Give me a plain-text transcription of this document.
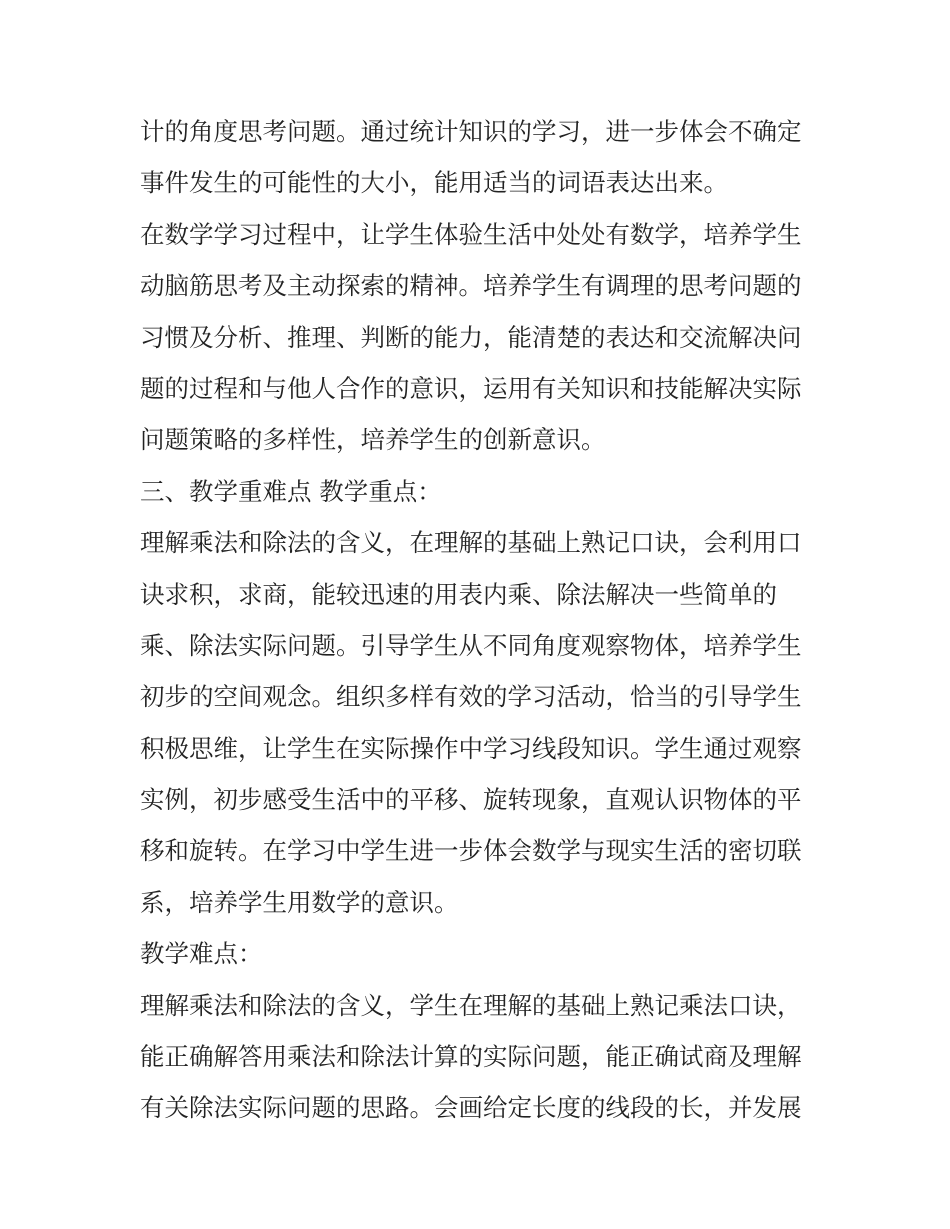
计的角度思考问题。通过统计知识的学习，进一步体会不确定
事件发生的可能性的大小，能用适当的词语表达出来。
在数学学习过程中，让学生体验生活中处处有数学，培养学生
动脑筋思考及主动探索的精神。培养学生有调理的思考问题的
习惯及分析、推理、判断的能力，能清楚的表达和交流解决问
题的过程和与他人合作的意识，运用有关知识和技能解决实际
问题策略的多样性，培养学生的创新意识。
三、教学重难点 教学重点：
理解乘法和除法的含义，在理解的基础上熟记口诀，会利用口
诀求积，求商，能较迅速的用表内乘、除法解决一些简单的
乘、除法实际问题。引导学生从不同角度观察物体，培养学生
初步的空间观念。组织多样有效的学习活动，恰当的引导学生
积极思维，让学生在实际操作中学习线段知识。学生通过观察
实例，初步感受生活中的平移、旋转现象，直观认识物体的平
移和旋转。在学习中学生进一步体会数学与现实生活的密切联
系，培养学生用数学的意识。
教学难点：
理解乘法和除法的含义，学生在理解的基础上熟记乘法口诀，
能正确解答用乘法和除法计算的实际问题，能正确试商及理解
有关除法实际问题的思路。会画给定长度的线段的长，并发展
